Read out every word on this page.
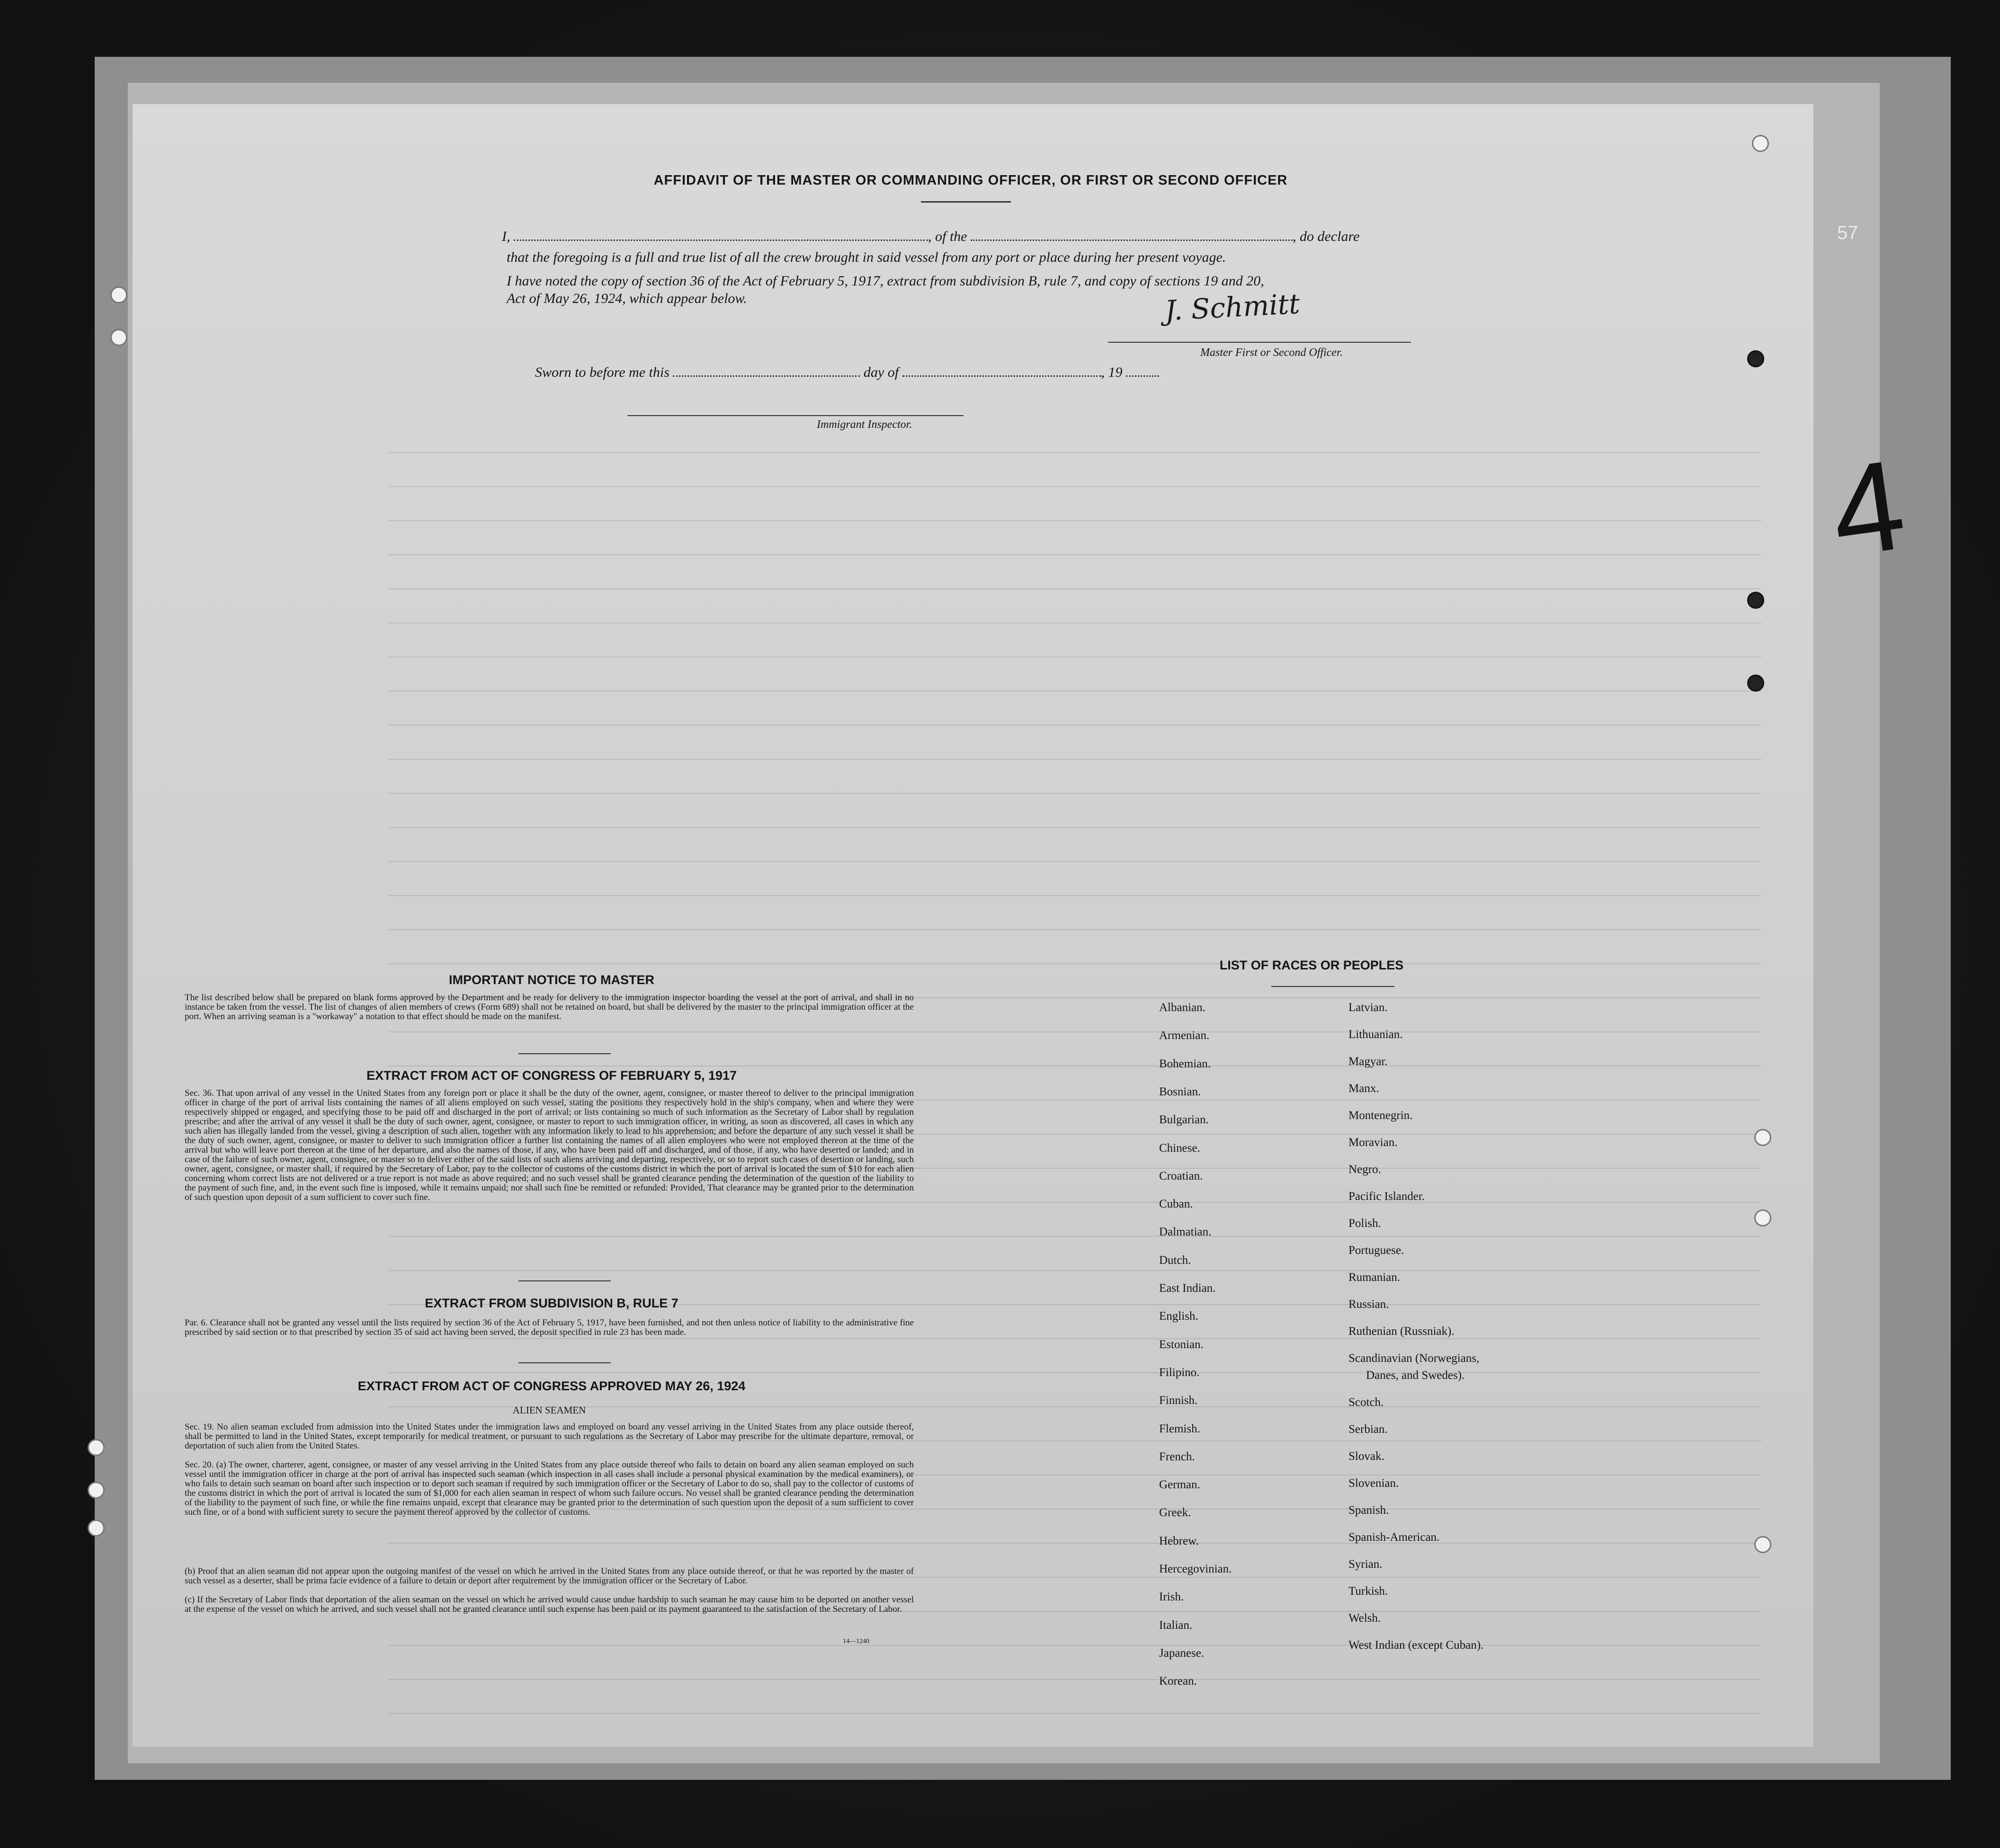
AFFIDAVIT OF THE MASTER OR COMMANDING OFFICER, OR FIRST OR SECOND OFFICER
I,	, of the	, do declare
that the foregoing is a full and true list of all the crew brought in said vessel from any port or place during her present voyage.
I have noted the copy of section 36 of the Act of February 5, 1917, extract from subdivision B, rule 7, and copy of sections 19 and 20,
Act of May 26, 1924, which appear below.	J. Schmitt
Master First or Second Officer.
Sworn to before me this	day of	, 19
Immigrant Inspector.
IMPORTANT NOTICE TO MASTER
The list described below shall be prepared on blank forms approved by the Department and be ready for delivery to the immigration inspector boarding the vessel at the port of arrival, and shall in no instance be taken from the vessel. The list of changes of alien members of crews (Form 689) shall not be retained on board, but shall be delivered by the master to the principal immigration officer at the port. When an arriving seaman is a "workaway" a notation to that effect should be made on the manifest.
EXTRACT FROM ACT OF CONGRESS OF FEBRUARY 5, 1917
Sec. 36. That upon arrival of any vessel in the United States from any foreign port or place it shall be the duty of the owner, agent, consignee, or master thereof to deliver to the principal immigration officer in charge of the port of arrival lists containing the names of all aliens employed on such vessel, stating the positions they respectively hold in the ship's company, when and where they were respectively shipped or engaged, and specifying those to be paid off and discharged in the port of arrival; or lists containing so much of such information as the Secretary of Labor shall by regulation prescribe; and after the arrival of any vessel it shall be the duty of such owner, agent, consignee, or master to report to such immigration officer, in writing, as soon as discovered, all cases in which any such alien has illegally landed from the vessel, giving a description of such alien, together with any information likely to lead to his apprehension; and before the departure of any such vessel it shall be the duty of such owner, agent, consignee, or master to deliver to such immigration officer a further list containing the names of all alien employees who were not employed thereon at the time of the arrival but who will leave port thereon at the time of her departure, and also the names of those, if any, who have been paid off and discharged, and of those, if any, who have deserted or landed; and in case of the failure of such owner, agent, consignee, or master so to deliver either of the said lists of such aliens arriving and departing, respectively, or so to report such cases of desertion or landing, such owner, agent, consignee, or master shall, if required by the Secretary of Labor, pay to the collector of customs of the customs district in which the port of arrival is located the sum of $10 for each alien concerning whom correct lists are not delivered or a true report is not made as above required; and no such vessel shall be granted clearance pending the determination of the question of the liability to the payment of such fine, and, in the event such fine is imposed, while it remains unpaid; nor shall such fine be remitted or refunded: Provided, That clearance may be granted prior to the determination of such question upon deposit of a sum sufficient to cover such fine.
EXTRACT FROM SUBDIVISION B, RULE 7
Par. 6. Clearance shall not be granted any vessel until the lists required by section 36 of the Act of February 5, 1917, have been furnished, and not then unless notice of liability to the administrative fine prescribed by said section or to that prescribed by section 35 of said act having been served, the deposit specified in rule 23 has been made.
EXTRACT FROM ACT OF CONGRESS APPROVED MAY 26, 1924
ALIEN SEAMEN
Sec. 19. No alien seaman excluded from admission into the United States under the immigration laws and employed on board any vessel arriving in the United States from any place outside thereof, shall be permitted to land in the United States, except temporarily for medical treatment, or pursuant to such regulations as the Secretary of Labor may prescribe for the ultimate departure, removal, or deportation of such alien from the United States.
Sec. 20. (a) The owner, charterer, agent, consignee, or master of any vessel arriving in the United States from any place outside thereof who fails to detain on board any alien seaman employed on such vessel until the immigration officer in charge at the port of arrival has inspected such seaman (which inspection in all cases shall include a personal physical examination by the medical examiners), or who fails to detain such seaman on board after such inspection or to deport such seaman if required by such immigration officer or the Secretary of Labor to do so, shall pay to the collector of customs of the customs district in which the port of arrival is located the sum of $1,000 for each alien seaman in respect of whom such failure occurs. No vessel shall be granted clearance pending the determination of the liability to the payment of such fine, or while the fine remains unpaid, except that clearance may be granted prior to the determination of such question upon the deposit of a sum sufficient to cover such fine, or of a bond with sufficient surety to secure the payment thereof approved by the collector of customs.
(b) Proof that an alien seaman did not appear upon the outgoing manifest of the vessel on which he arrived in the United States from any place outside thereof, or that he was reported by the master of such vessel as a deserter, shall be prima facie evidence of a failure to detain or deport after requirement by the immigration officer or the Secretary of Labor.
(c) If the Secretary of Labor finds that deportation of the alien seaman on the vessel on which he arrived would cause undue hardship to such seaman he may cause him to be deported on another vessel at the expense of the vessel on which he arrived, and such vessel shall not be granted clearance until such expense has been paid or its payment guaranteed to the satisfaction of the Secretary of Labor.
14—1240
LIST OF RACES OR PEOPLES
Albanian.
Armenian.
Bohemian.
Bosnian.
Bulgarian.
Chinese.
Croatian.
Cuban.
Dalmatian.
Dutch.
East Indian.
English.
Estonian.
Filipino.
Finnish.
Flemish.
French.
German.
Greek.
Hebrew.
Hercegovinian.
Irish.
Italian.
Japanese.
Korean.
Latvian.
Lithuanian.
Magyar.
Manx.
Montenegrin.
Moravian.
Negro.
Pacific Islander.
Polish.
Portuguese.
Rumanian.
Russian.
Ruthenian (Russniak).
Scandinavian (Norwegians,
Danes, and Swedes).
Scotch.
Serbian.
Slovak.
Slovenian.
Spanish.
Spanish-American.
Syrian.
Turkish.
Welsh.
West Indian (except Cuban).
57
4
